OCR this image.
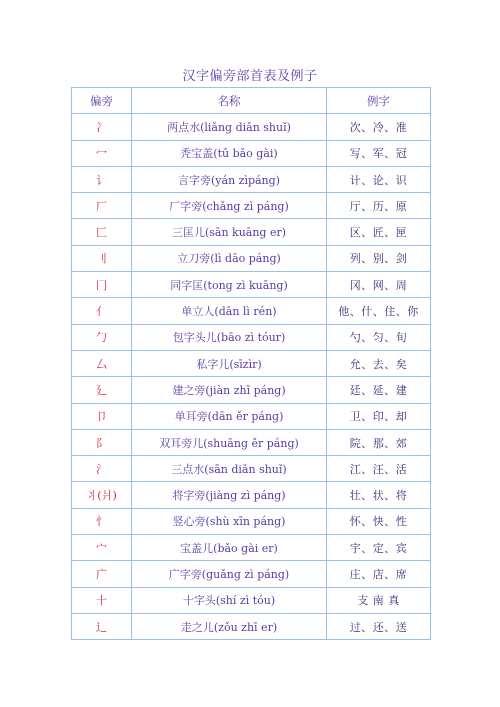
汉字偏旁部首表及例子
偏旁	名称	例字
冫	两点水(liǎng diǎn shuǐ)	次、冷、准
冖	秃宝盖(tū bǎo gài)	写、军、冠
讠	言字旁(yán zìpáng)	计、论、识
厂	厂字旁(chǎng zì páng)	厅、历、原
匚	三匡儿(sān kuāng er)	区、匠、匣
刂	立刀旁(lì dāo páng)	列、别、剑
冂	同字匡(tong zì kuāng)	冈、网、周
亻	单立人(dān lì rén)	他、什、住、你
勹	包字头儿(bāo zì tóur)	勺、匀、旬
厶	私字儿(sīzìr)	允、去、矣
廴	建之旁(jiàn zhī páng)	廷、延、建
卩	单耳旁(dān ěr páng)	卫、印、却
阝	双耳旁儿(shuāng ěr páng)	院、那、郊
氵	三点水(sān diǎn shuǐ)	江、汪、活
丬(爿)	将字旁(jiàng zì páng)	壮、状、将
忄	竖心旁(shù xīn páng)	怀、快、性
宀	宝盖儿(bǎo gài er)	宇、定、宾
广	广字旁(guǎng zì páng)	庄、店、席
十	十字头(shí zì tóu)	支 南 真
辶	走之儿(zǒu zhī er)	过、还、送
